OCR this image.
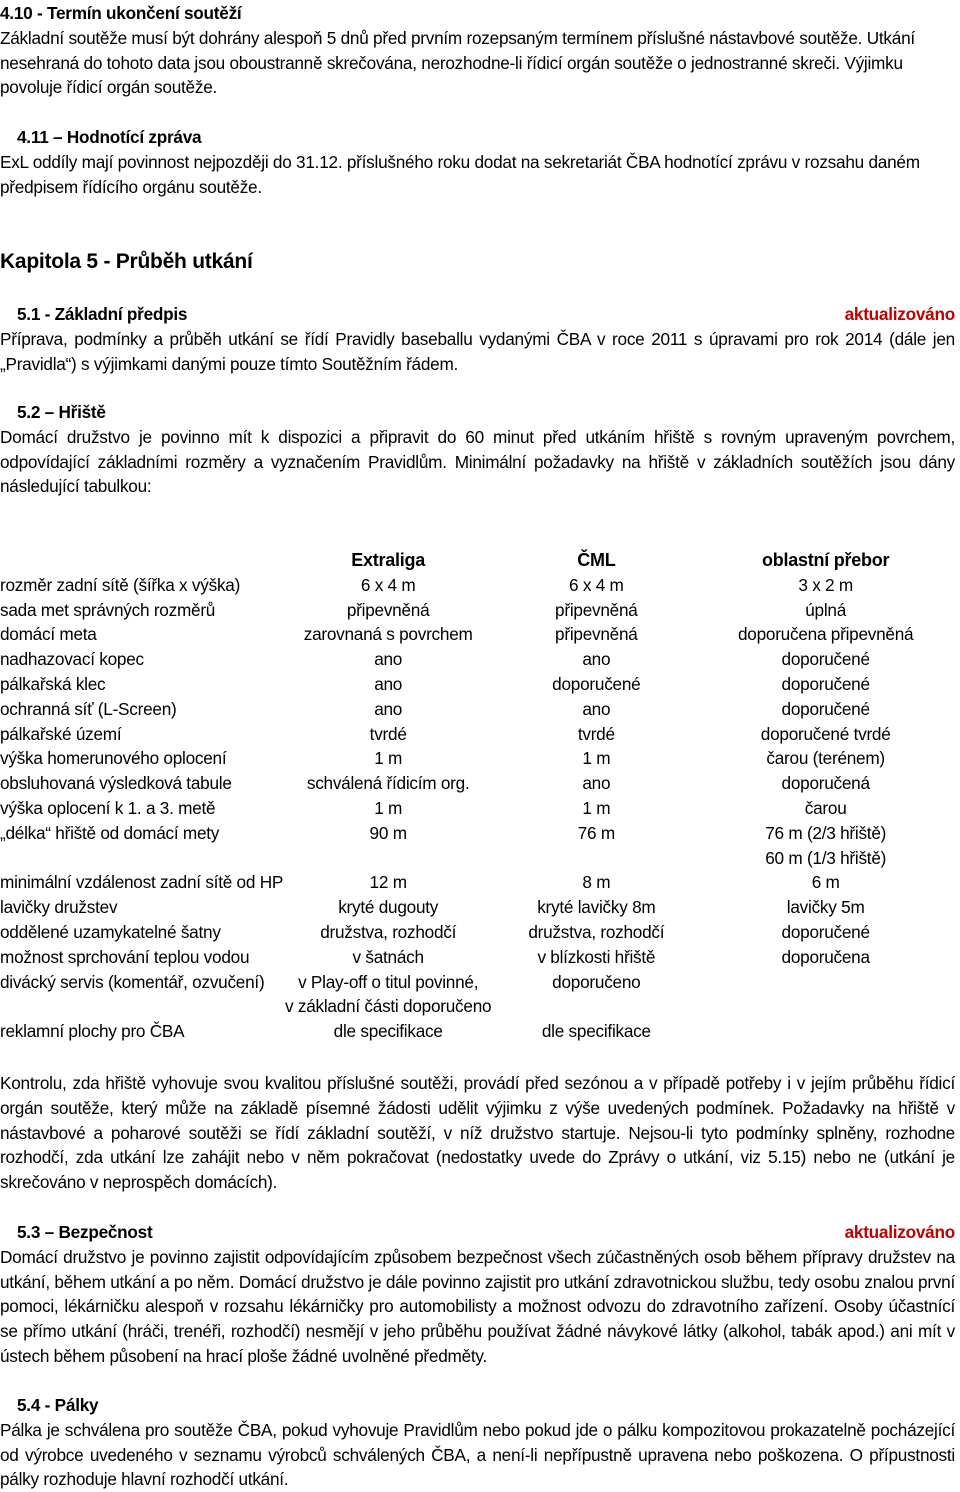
4.10 - Termín ukončení soutěží
Základní soutěže musí být dohrány alespoň 5 dnů před prvním rozepsaným termínem příslušné nástavbové soutěže. Utkání nesehraná do tohoto data jsou oboustranně skrečována, nerozhodne-li řídicí orgán soutěže o jednostranné skreči. Výjimku povoluje řídicí orgán soutěže.
4.11 – Hodnotící zpráva
ExL oddíly mají povinnost nejpozději do 31.12. příslušného roku dodat na sekretariát ČBA hodnotící zprávu v rozsahu daném předpisem řídícího orgánu soutěže.
Kapitola 5 - Průběh utkání
aktualizováno
5.1 - Základní předpis
Příprava, podmínky a průběh utkání se řídí Pravidly baseballu vydanými ČBA v roce 2011 s úpravami pro rok 2014 (dále jen „Pravidla“) s výjimkami danými pouze tímto Soutěžním řádem.
5.2 – Hřiště
Domácí družstvo je povinno mít k dispozici a připravit do 60 minut před utkáním hřiště s rovným upraveným povrchem, odpovídající základními rozměry a vyznačením Pravidlům. Minimální požadavky na hřiště v základních soutěžích jsou dány následující tabulkou:
	Extraliga	ČML	oblastní přebor
rozměr zadní sítě (šířka x výška)	6 x 4 m	6 x 4 m	3 x 2 m
sada met správných rozměrů	připevněná	připevněná	úplná
domácí meta	zarovnaná s povrchem	připevněná	doporučena připevněná
nadhazovací kopec	ano	ano	doporučené
pálkařská klec	ano	doporučené	doporučené
ochranná síť (L-Screen)	ano	ano	doporučené
pálkařské území	tvrdé	tvrdé	doporučené tvrdé
výška homerunového oplocení	1 m	1 m	čarou (terénem)
obsluhovaná výsledková tabule	schválená řídicím org.	ano	doporučená
výška oplocení k 1. a 3. metě	1 m	1 m	čarou
„délka“ hřiště od domácí mety	90 m	76 m	76 m (2/3 hřiště)
			60 m (1/3 hřiště)
minimální vzdálenost zadní sítě od HP	12 m	8 m	6 m
lavičky družstev	kryté dugouty	kryté lavičky 8m	lavičky 5m
oddělené uzamykatelné šatny	družstva, rozhodčí	družstva, rozhodčí	doporučené
možnost sprchování teplou vodou	v šatnách	v blízkosti hřiště	doporučena
divácký servis (komentář, ozvučení)	v Play-off o titul povinné,	doporučeno	
	v základní části doporučeno		
reklamní plochy pro ČBA	dle specifikace	dle specifikace	
Kontrolu, zda hřiště vyhovuje svou kvalitou příslušné soutěži, provádí před sezónou a v případě potřeby i v jejím průběhu řídicí orgán soutěže, který může na základě písemné žádosti udělit výjimku z výše uvedených podmínek. Požadavky na hřiště v nástavbové a poharové soutěži se řídí základní soutěží, v níž družstvo startuje. Nejsou-li tyto podmínky splněny, rozhodne rozhodčí, zda utkání lze zahájit nebo v něm pokračovat (nedostatky uvede do Zprávy o utkání, viz 5.15) nebo ne (utkání je skrečováno v neprospěch domácích).
aktualizováno
5.3 – Bezpečnost
Domácí družstvo je povinno zajistit odpovídajícím způsobem bezpečnost všech zúčastněných osob během přípravy družstev na utkání, během utkání a po něm. Domácí družstvo je dále povinno zajistit pro utkání zdravotnickou službu, tedy osobu znalou první pomoci, lékárničku alespoň v rozsahu lékárničky pro automobilisty a možnost odvozu do zdravotního zařízení. Osoby účastnící se přímo utkání (hráči, trenéři, rozhodčí) nesmějí v jeho průběhu používat žádné návykové látky (alkohol, tabák apod.) ani mít v ústech během působení na hrací ploše žádné uvolněné předměty.
5.4 - Pálky
Pálka je schválena pro soutěže ČBA, pokud vyhovuje Pravidlům nebo pokud jde o pálku kompozitovou prokazatelně pocházející od výrobce uvedeného v seznamu výrobců schválených ČBA, a není-li nepřípustně upravena nebo poškozena. O přípustnosti pálky rozhoduje hlavní rozhodčí utkání.
